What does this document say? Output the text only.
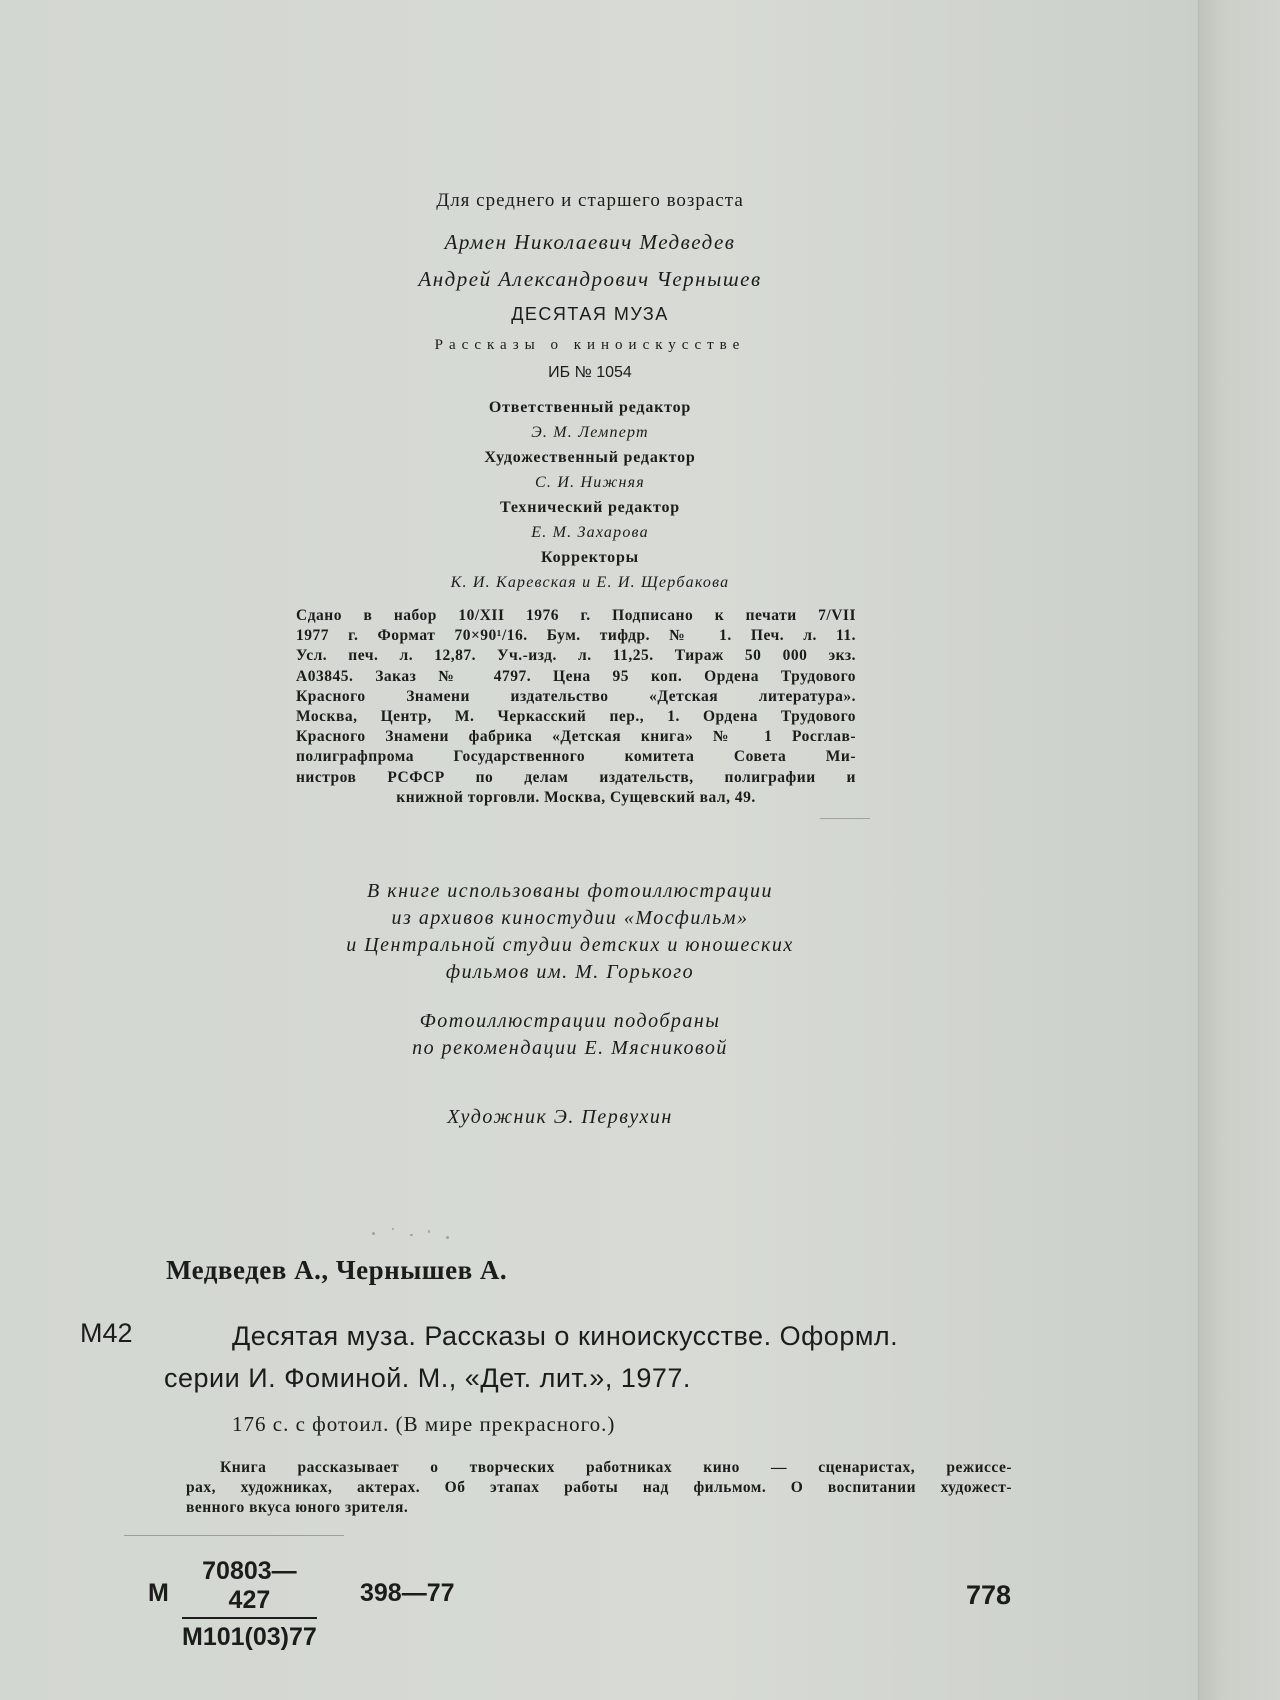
Для среднего и старшего возраста
Армен Николаевич Медведев
Андрей Александрович Чернышев
ДЕСЯТАЯ МУЗА
Рассказы о киноискусстве
ИБ № 1054
Ответственный редактор
Э. М. Лемперт
Художественный редактор
С. И. Нижняя
Технический редактор
Е. М. Захарова
Корректоры
К. И. Каревская и Е. И. Щербакова
Сдано в набор 10/XII 1976 г. Подписано к печати 7/VII
1977 г. Формат 70×90¹/16. Бум. тифдр. № 1. Печ. л. 11.
Усл. печ. л. 12,87. Уч.-изд. л. 11,25. Тираж 50 000 экз.
А03845. Заказ № 4797. Цена 95 коп. Ордена Трудового
Красного Знамени издательство «Детская литература».
Москва, Центр, М. Черкасский пер., 1. Ордена Трудового
Красного Знамени фабрика «Детская книга» № 1 Росглав-
полиграфпрома Государственного комитета Совета Ми-
нистров РСФСР по делам издательств, полиграфии и
книжной торговли. Москва, Сущевский вал, 49.
В книге использованы фотоиллюстрации
из архивов киностудии «Мосфильм»
и Центральной студии детских и юношеских
фильмов им. М. Горького
Фотоиллюстрации подобраны
по рекомендации Е. Мясниковой
Художник Э. Первухин
Медведев А., Чернышев А.
М42	Десятая муза. Рассказы о киноискусстве. Оформл.
серии И. Фоминой. М., «Дет. лит.», 1977.
176 с. с фотоил. (В мире прекрасного.)
Книга рассказывает о творческих работниках кино — сценаристах, режиссе-
рах, художниках, актерах. Об этапах работы над фильмом. О воспитании художест-
венного вкуса юного зрителя.
М
70803—427
М101(03)77
398—77	778
